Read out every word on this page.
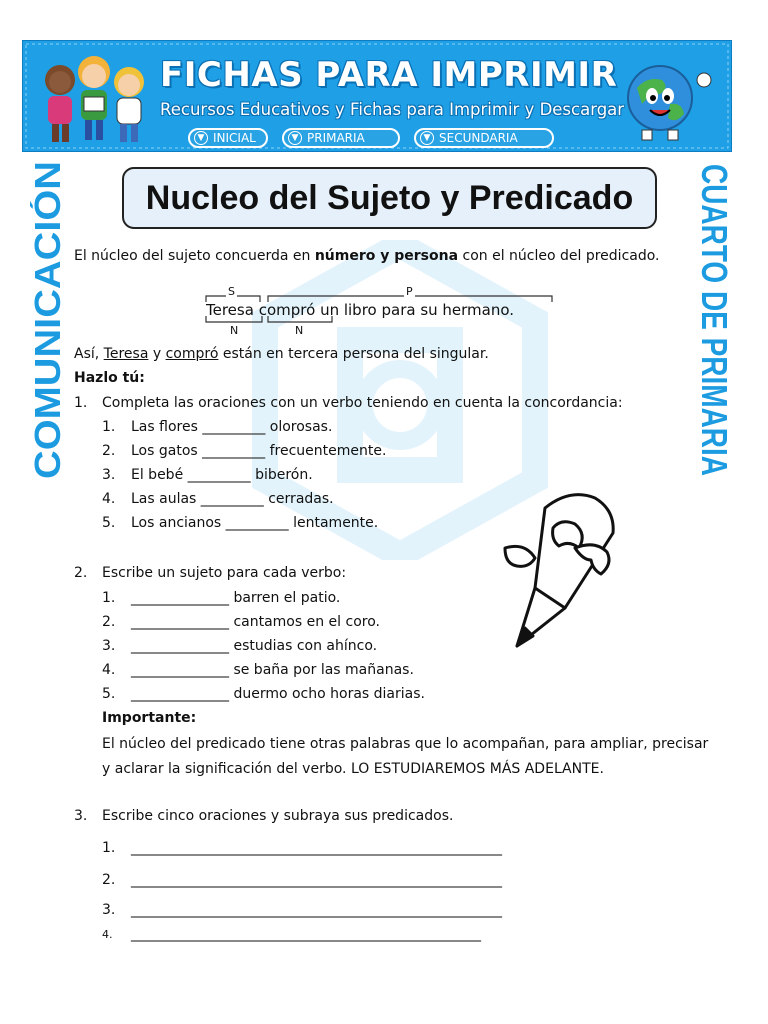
FICHAS PARA IMPRIMIR
Recursos Educativos y Fichas para Imprimir y Descargar
▼ INICIAL	▼ PRIMARIA	▼ SECUNDARIA
COMUNICACIÓN	CUARTO DE PRIMARIA
Nucleo del Sujeto y Predicado
El núcleo del sujeto concuerda en número y persona con el núcleo del predicado.
S	P
Teresa compró un libro para su hermano.
N	N
Así, Teresa y compró están en tercera persona del singular.
Hazlo tú:
1. Completa las oraciones con un verbo teniendo en cuenta la concordancia:
1. Las flores _________ olorosas.
2. Los gatos _________ frecuentemente.
3. El bebé _________ biberón.
4. Las aulas _________ cerradas.
5. Los ancianos _________ lentamente.
2. Escribe un sujeto para cada verbo:
1. ______________ barren el patio.
2. ______________ cantamos en el coro.
3. ______________ estudias con ahínco.
4. ______________ se baña por las mañanas.
5. ______________ duermo ocho horas diarias.
Importante:
El núcleo del predicado tiene otras palabras que lo acompañan, para ampliar, precisar
y aclarar la significación del verbo. LO ESTUDIAREMOS MÁS ADELANTE.
3. Escribe cinco oraciones y subraya sus predicados.
1. _____________________________________________________
2. _____________________________________________________
3. _____________________________________________________
4. __________________________________________________
